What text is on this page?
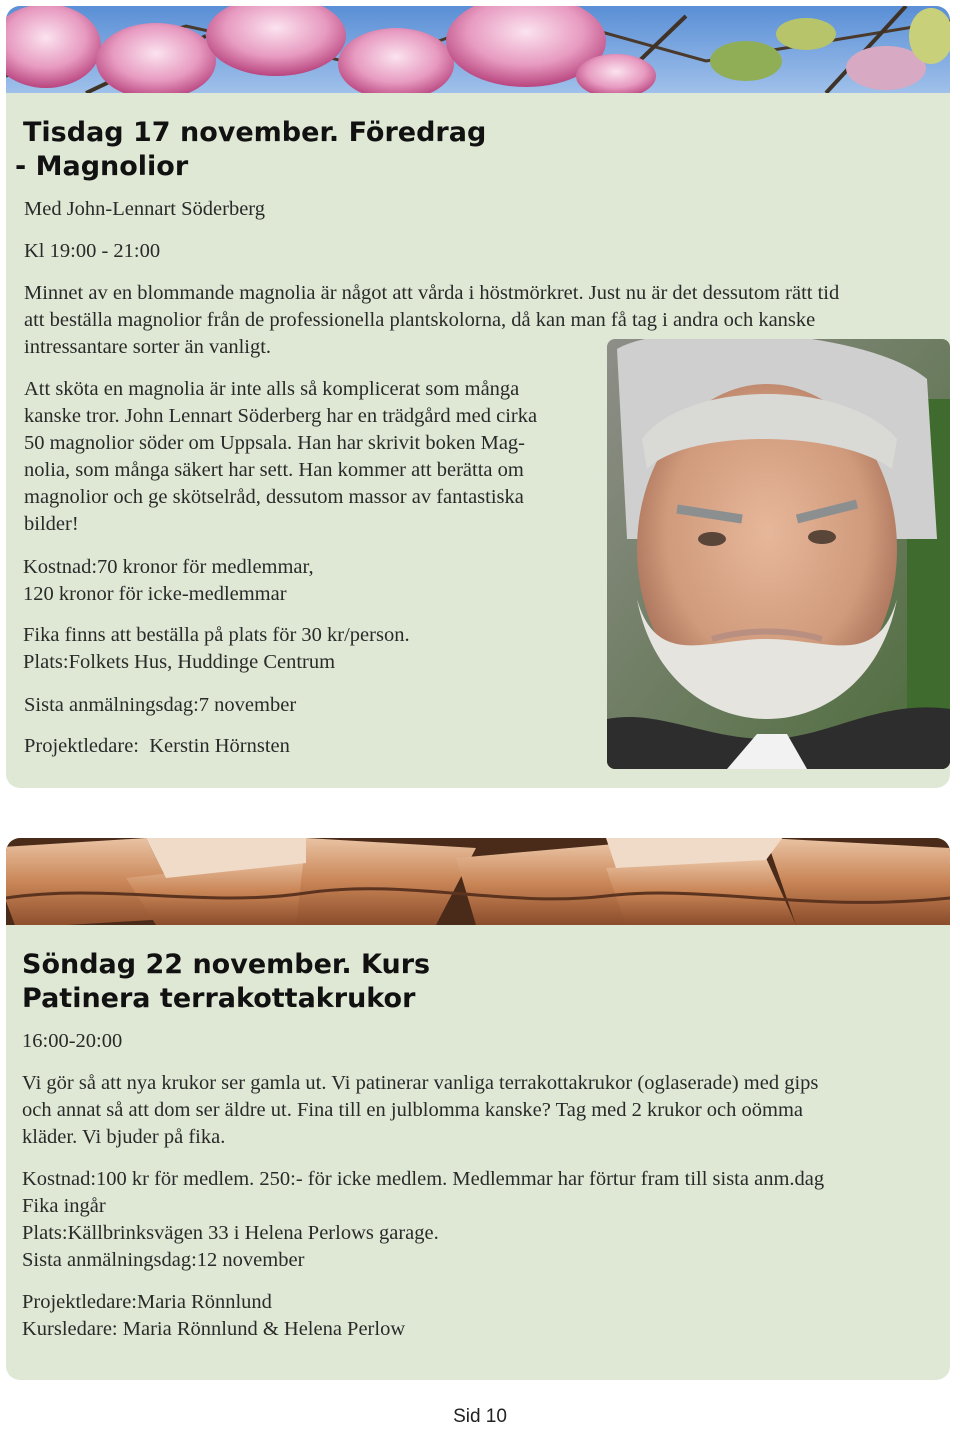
Tisdag 17 november. Föredrag
- Magnolior

Med John-Lennart Söderberg

Kl 19:00 - 21:00

Minnet av en blommande magnolia är något att vårda i höstmörkret. Just nu är det dessutom rätt tid

att beställa magnolior från de professionella plantskolorna, då kan man få tag i andra och kanske

intressantare sorter än vanligt.

Att sköta en magnolia är inte alls så komplicerat som många

kanske tror. John Lennart Söderberg har en trädgård med cirka

50 magnolior söder om Uppsala. Han har skrivit boken Mag-

nolia, som många säkert har sett. Han kommer att berätta om

magnolior och ge skötselråd, dessutom massor av fantastiska

bilder!

Kostnad:70 kronor för medlemmar,

120 kronor för icke-medlemmar

Fika finns att beställa på plats för 30 kr/person.

Plats:Folkets Hus, Huddinge Centrum

Sista anmälningsdag:7 november

Projektledare:  Kerstin Hörnsten

Söndag 22 november. Kurs
Patinera terrakottakrukor

16:00-20:00

Vi gör så att nya krukor ser gamla ut. Vi patinerar vanliga terrakottakrukor (oglaserade) med gips

och annat så att dom ser äldre ut. Fina till en julblomma kanske? Tag med 2 krukor och oömma

kläder. Vi bjuder på fika.

Kostnad:100 kr för medlem. 250:- för icke medlem. Medlemmar har förtur fram till sista anm.dag

Fika ingår

Plats:Källbrinksvägen 33 i Helena Perlows garage.

Sista anmälningsdag:12 november

Projektledare:Maria Rönnlund

Kursledare: Maria Rönnlund & Helena Perlow

Sid 10
